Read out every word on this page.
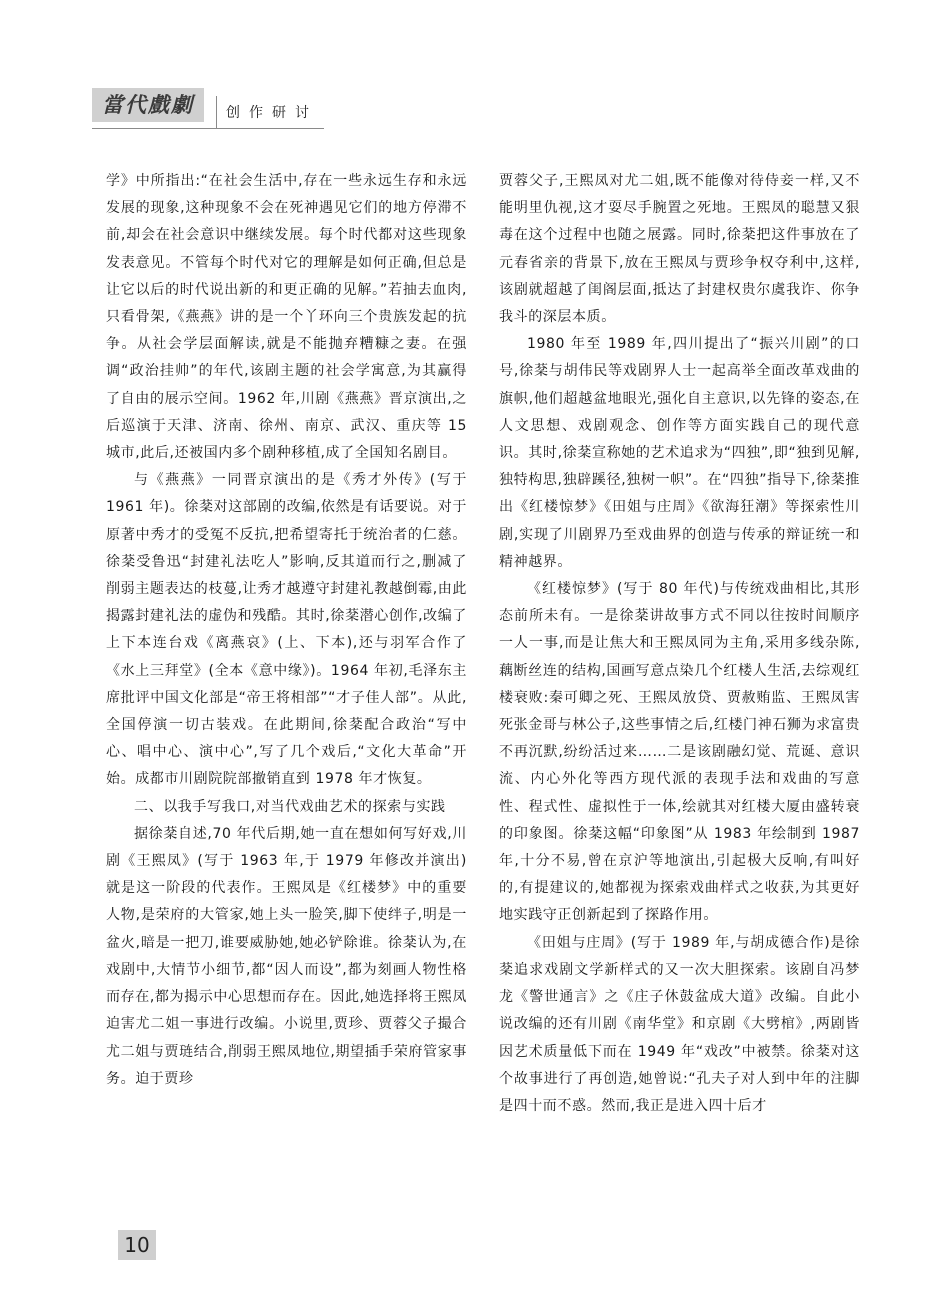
當代戲劇	创作研讨

学》中所指出:“在社会生活中,存在一些永远生存和永远发展的现象,这种现象不会在死神遇见它们的地方停滞不前,却会在社会意识中继续发展。每个时代都对这些现象发表意见。不管每个时代对它的理解是如何正确,但总是让它以后的时代说出新的和更正确的见解。”若抽去血肉,只看骨架,《燕燕》讲的是一个丫环向三个贵族发起的抗争。从社会学层面解读,就是不能抛弃糟糠之妻。在强调“政治挂帅”的年代,该剧主题的社会学寓意,为其赢得了自由的展示空间。1962 年,川剧《燕燕》晋京演出,之后巡演于天津、济南、徐州、南京、武汉、重庆等 15 城市,此后,还被国内多个剧种移植,成了全国知名剧目。

与《燕燕》一同晋京演出的是《秀才外传》(写于 1961 年)。徐棻对这部剧的改编,依然是有话要说。对于原著中秀才的受冤不反抗,把希望寄托于统治者的仁慈。徐棻受鲁迅“封建礼法吃人”影响,反其道而行之,删减了削弱主题表达的枝蔓,让秀才越遵守封建礼教越倒霉,由此揭露封建礼法的虚伪和残酷。其时,徐棻潜心创作,改编了上下本连台戏《离燕哀》(上、下本),还与羽军合作了《水上三拜堂》(全本《意中缘》)。1964 年初,毛泽东主席批评中国文化部是“帝王将相部”“才子佳人部”。从此,全国停演一切古装戏。在此期间,徐棻配合政治“写中心、唱中心、演中心”,写了几个戏后,“文化大革命”开始。成都市川剧院院部撤销直到 1978 年才恢复。

二、以我手写我口,对当代戏曲艺术的探索与实践

据徐棻自述,70 年代后期,她一直在想如何写好戏,川剧《王熙凤》(写于 1963 年,于 1979 年修改并演出)就是这一阶段的代表作。王熙凤是《红楼梦》中的重要人物,是荣府的大管家,她上头一脸笑,脚下使绊子,明是一盆火,暗是一把刀,谁要威胁她,她必铲除谁。徐棻认为,在戏剧中,大情节小细节,都“因人而设”,都为刻画人物性格而存在,都为揭示中心思想而存在。因此,她选择将王熙凤迫害尤二姐一事进行改编。小说里,贾珍、贾蓉父子撮合尤二姐与贾琏结合,削弱王熙凤地位,期望插手荣府管家事务。迫于贾珍

贾蓉父子,王熙凤对尤二姐,既不能像对待侍妾一样,又不能明里仇视,这才耍尽手腕置之死地。王熙凤的聪慧又狠毒在这个过程中也随之展露。同时,徐棻把这件事放在了元春省亲的背景下,放在王熙凤与贾珍争权夺利中,这样,该剧就超越了闺阁层面,抵达了封建权贵尔虞我诈、你争我斗的深层本质。

1980 年至 1989 年,四川提出了“振兴川剧”的口号,徐棻与胡伟民等戏剧界人士一起高举全面改革戏曲的旗帜,他们超越盆地眼光,强化自主意识,以先锋的姿态,在人文思想、戏剧观念、创作等方面实践自己的现代意识。其时,徐棻宣称她的艺术追求为“四独”,即“独到见解,独特构思,独辟蹊径,独树一帜”。在“四独”指导下,徐棻推出《红楼惊梦》《田姐与庄周》《欲海狂潮》等探索性川剧,实现了川剧界乃至戏曲界的创造与传承的辩证统一和精神越界。

《红楼惊梦》(写于 80 年代)与传统戏曲相比,其形态前所未有。一是徐棻讲故事方式不同以往按时间顺序一人一事,而是让焦大和王熙凤同为主角,采用多线杂陈,藕断丝连的结构,国画写意点染几个红楼人生活,去综观红楼衰败:秦可卿之死、王熙凤放贷、贾赦贿监、王熙凤害死张金哥与林公子,这些事情之后,红楼门神石狮为求富贵不再沉默,纷纷活过来……二是该剧融幻觉、荒诞、意识流、内心外化等西方现代派的表现手法和戏曲的写意性、程式性、虚拟性于一体,绘就其对红楼大厦由盛转衰的印象图。徐棻这幅“印象图”从 1983 年绘制到 1987 年,十分不易,曾在京沪等地演出,引起极大反响,有叫好的,有提建议的,她都视为探索戏曲样式之收获,为其更好地实践守正创新起到了探路作用。

《田姐与庄周》(写于 1989 年,与胡成德合作)是徐棻追求戏剧文学新样式的又一次大胆探索。该剧自冯梦龙《警世通言》之《庄子休鼓盆成大道》改编。自此小说改编的还有川剧《南华堂》和京剧《大劈棺》,两剧皆因艺术质量低下而在 1949 年“戏改”中被禁。徐棻对这个故事进行了再创造,她曾说:“孔夫子对人到中年的注脚是四十而不惑。然而,我正是进入四十后才

10
